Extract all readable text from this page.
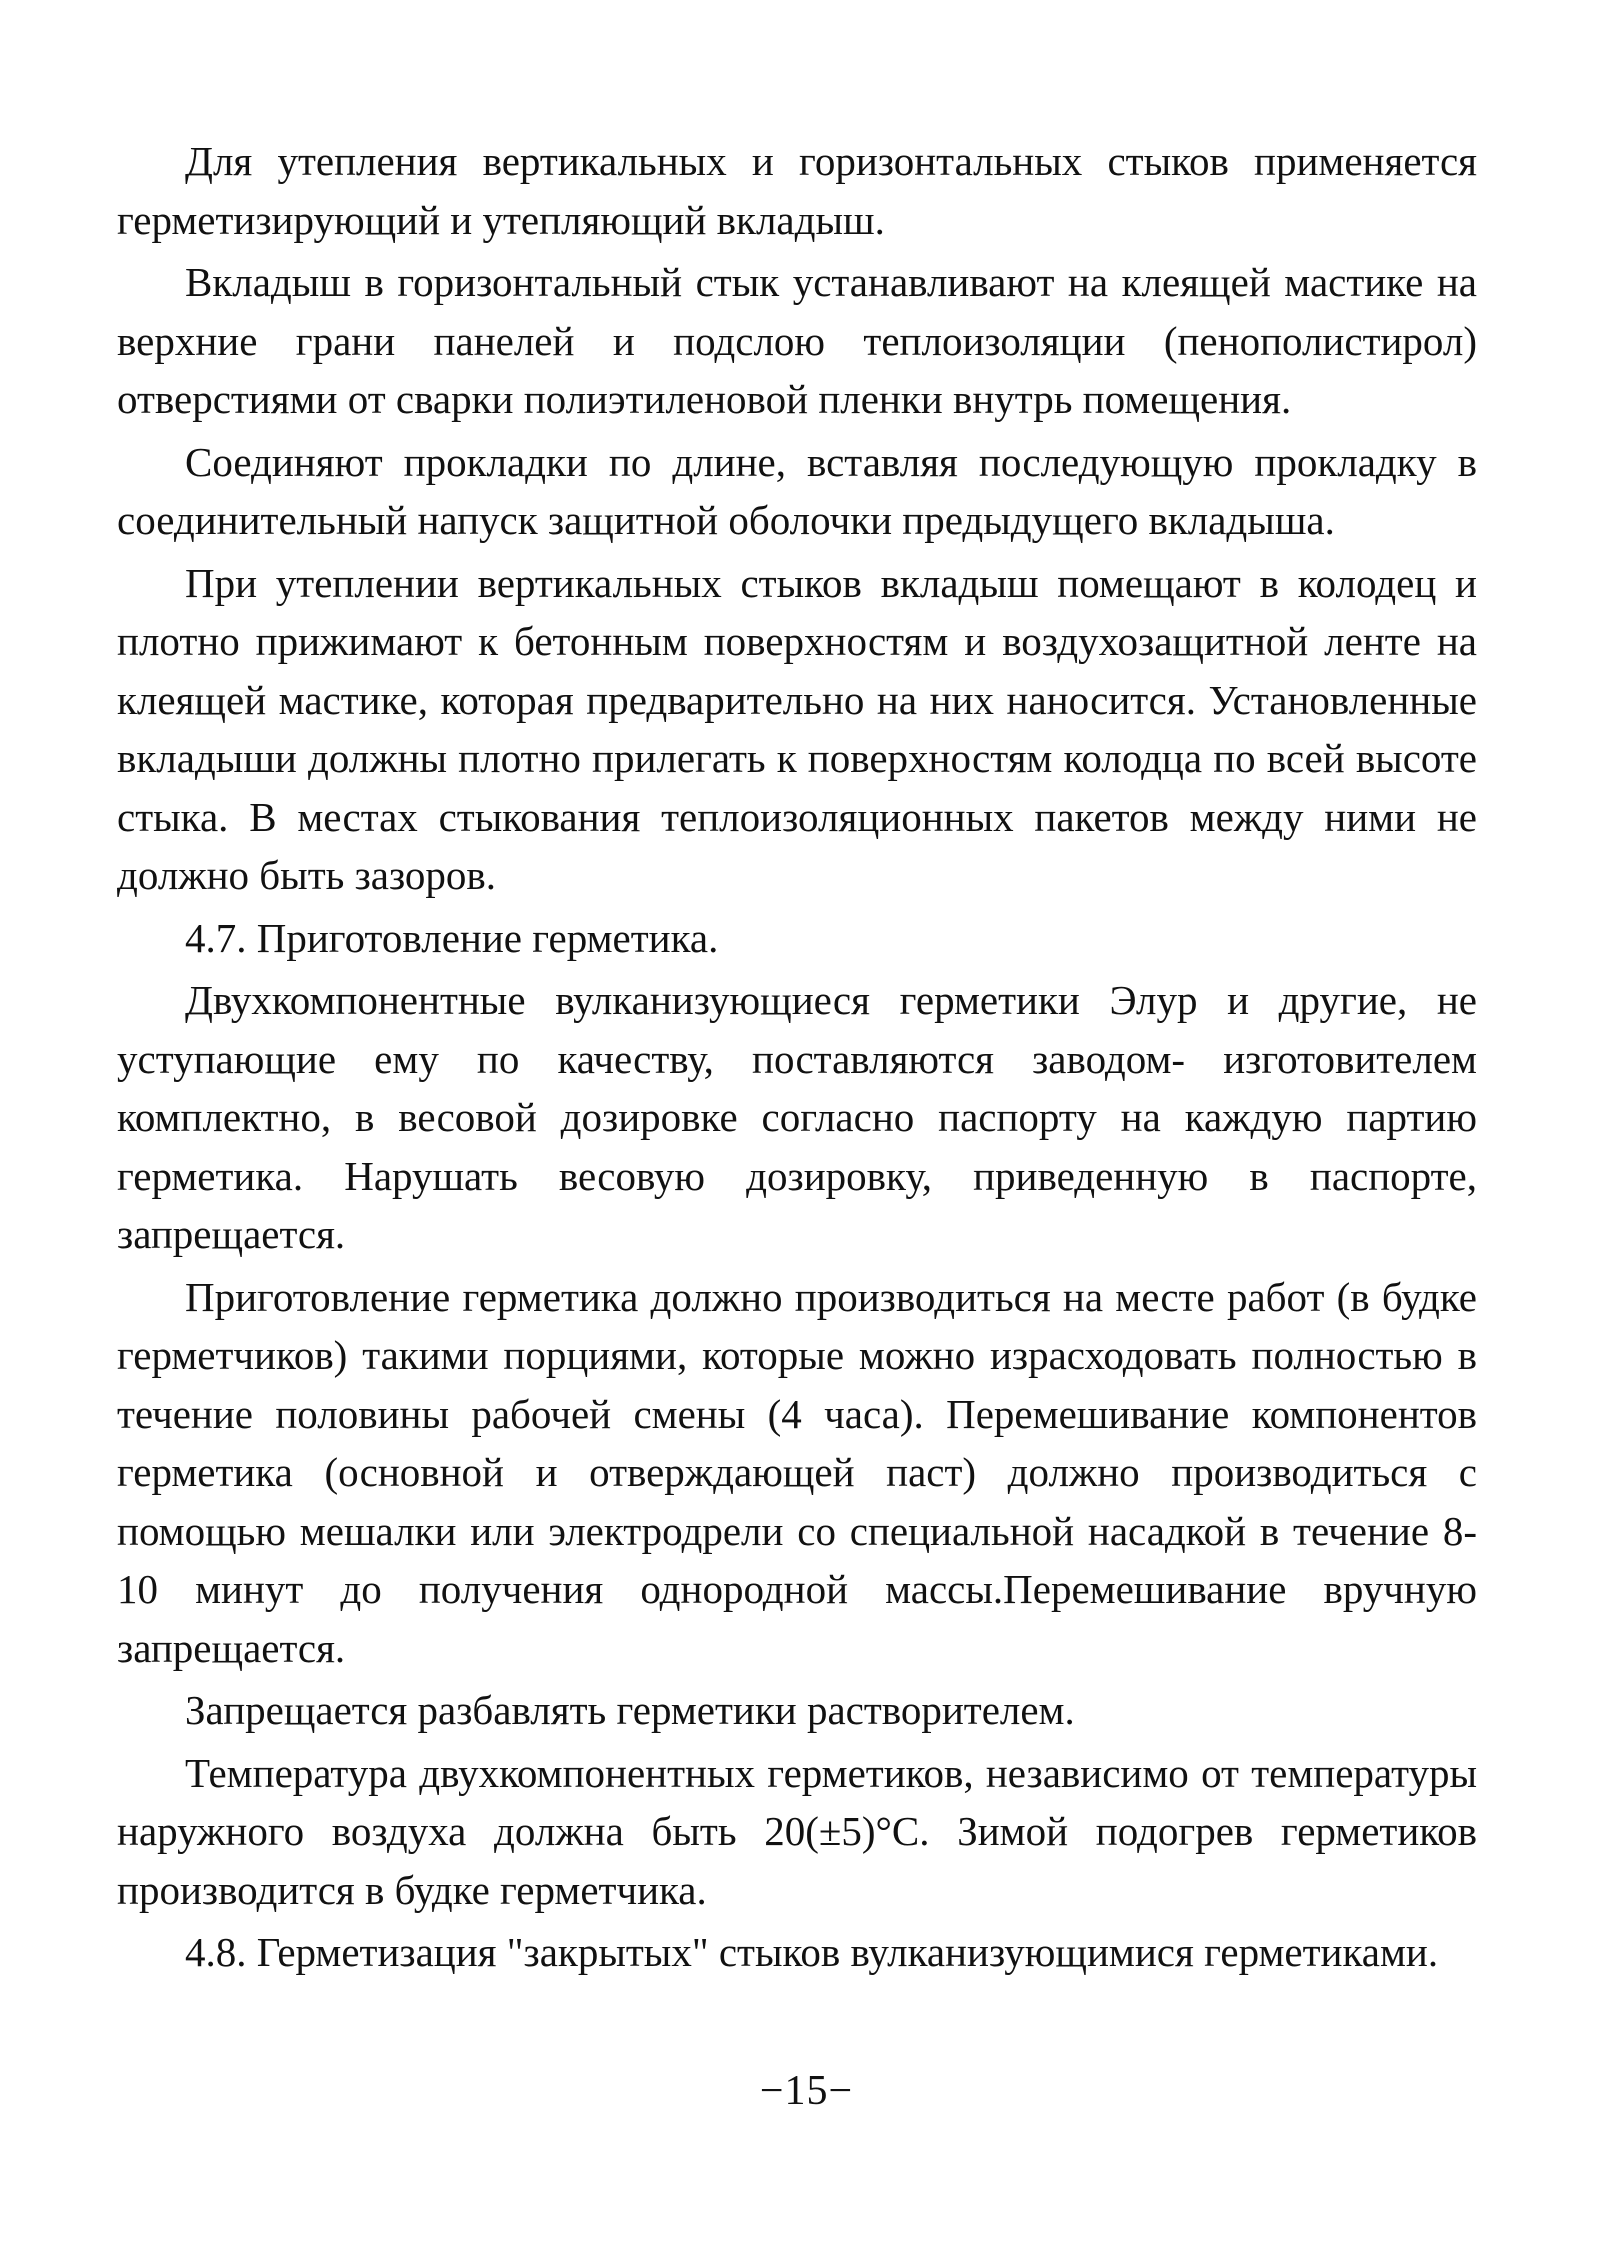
Для утепления вертикальных и горизонтальных стыков применяется герметизирующий и утепляющий вкладыш.

Вкладыш в горизонтальный стык устанавливают на клеящей мастике на верхние грани панелей и подслою теплоизоляции (пенополистирол) отверстиями от сварки полиэтиленовой пленки внутрь помещения.

Соединяют прокладки по длине, вставляя последующую прокладку в соединительный напуск защитной оболочки предыдущего вкладыша.

При утеплении вертикальных стыков вкладыш помещают в колодец и плотно прижимают к бетонным поверхностям и воздухозащитной ленте на клеящей мастике, которая предварительно на них наносится. Установленные вкладыши должны плотно прилегать к поверхностям колодца по всей высоте стыка. В местах стыкования теплоизоляционных пакетов между ними не должно быть зазоров.

4.7. Приготовление герметика.

Двухкомпонентные вулканизующиеся герметики Элур и другие, не уступающие ему по качеству, поставляются заводом- изготовителем комплектно, в весовой дозировке согласно паспорту на каждую партию герметика. Нарушать весовую дозировку, приведенную в паспорте, запрещается.

Приготовление герметика должно производиться на месте работ (в будке герметчиков) такими порциями, которые можно израсходовать полностью в течение половины рабочей смены (4 часа). Перемешивание компонентов герметика (основной и отверждающей паст) должно производиться с помощью мешалки или электродрели со специальной насадкой в течение 8-10 минут до получения однородной массы.Перемешивание вручную запрещается.

Запрещается разбавлять герметики растворителем.

Температура двухкомпонентных герметиков, независимо от температуры наружного воздуха должна быть 20(±5)°С. Зимой подогрев герметиков производится в будке герметчика.

4.8. Герметизация "закрытых" стыков вулканизующимися герметиками.

−15−
